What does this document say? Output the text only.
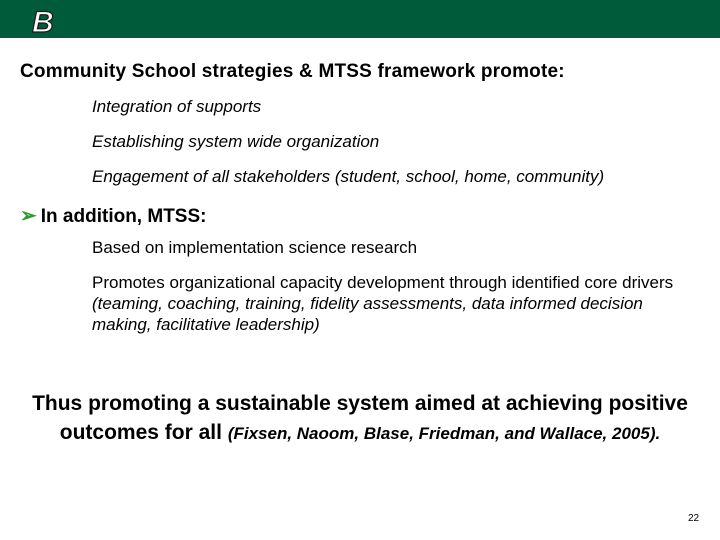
B

Community School strategies & MTSS framework promote:

Integration of supports

Establishing system wide organization

Engagement of all stakeholders (student, school, home, community)

➢ In addition, MTSS:

Based on implementation science research

Promotes organizational capacity development through identified core drivers (teaming, coaching, training, fidelity assessments, data informed decision making, facilitative leadership)

Thus promoting a sustainable system aimed at achieving positive outcomes for all (Fixsen, Naoom, Blase, Friedman, and Wallace, 2005).

22
